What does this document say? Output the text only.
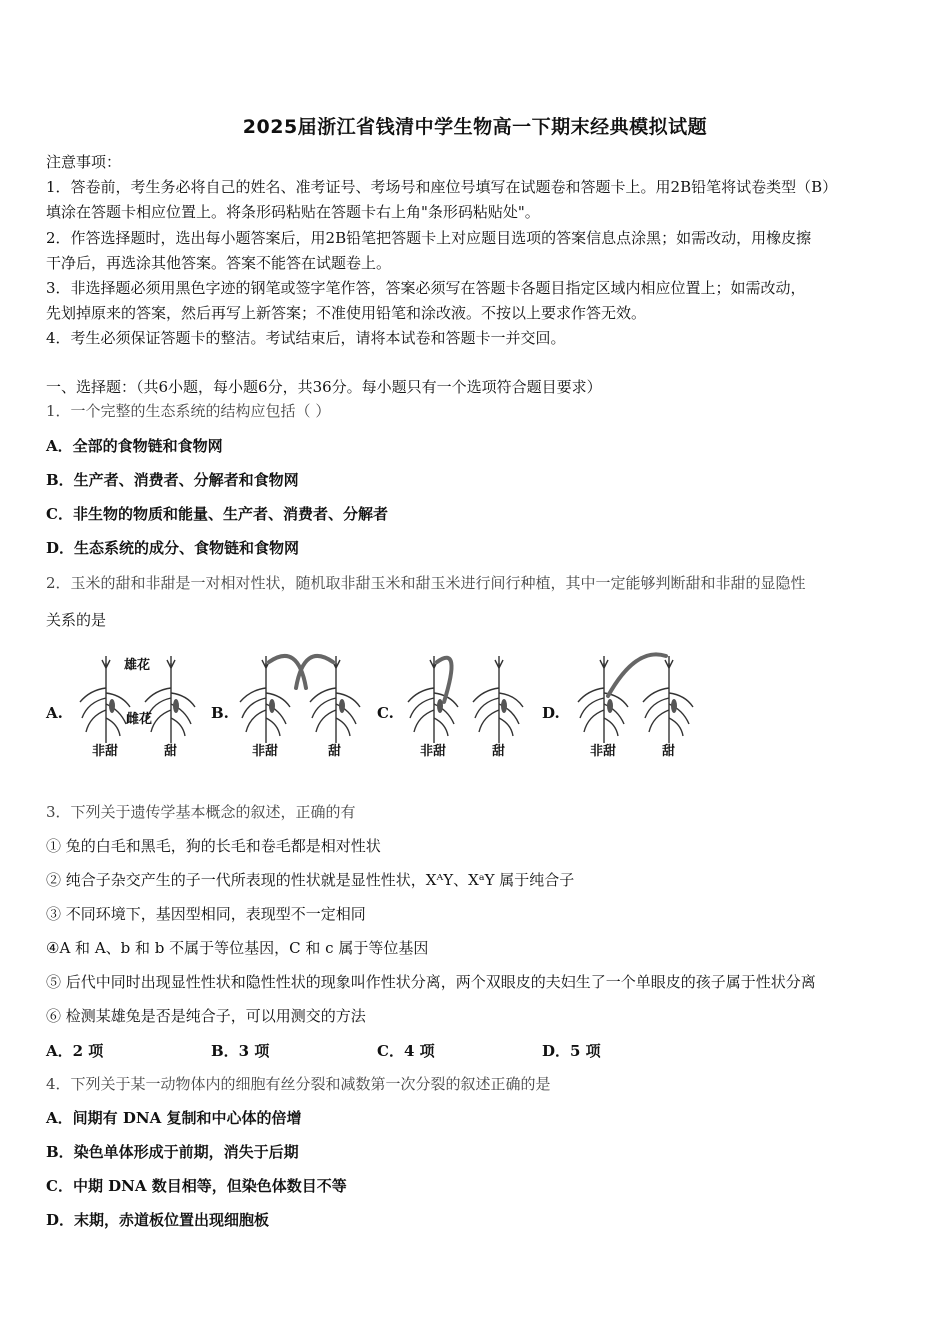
2025届浙江省钱清中学生物高一下期末经典模拟试题
注意事项：
1．答卷前，考生务必将自己的姓名、准考证号、考场号和座位号填写在试题卷和答题卡上。用2B铅笔将试卷类型（B）
填涂在答题卡相应位置上。将条形码粘贴在答题卡右上角"条形码粘贴处"。
2．作答选择题时，选出每小题答案后，用2B铅笔把答题卡上对应题目选项的答案信息点涂黑；如需改动，用橡皮擦
干净后，再选涂其他答案。答案不能答在试题卷上。
3．非选择题必须用黑色字迹的钢笔或签字笔作答，答案必须写在答题卡各题目指定区域内相应位置上；如需改动，
先划掉原来的答案，然后再写上新答案；不准使用铅笔和涂改液。不按以上要求作答无效。
4．考生必须保证答题卡的整洁。考试结束后，请将本试卷和答题卡一并交回。
一、选择题：（共6小题，每小题6分，共36分。每小题只有一个选项符合题目要求）
1．一个完整的生态系统的结构应包括（ ）
A．全部的食物链和食物网
B．生产者、消费者、分解者和食物网
C．非生物的物质和能量、生产者、消费者、分解者
D．生态系统的成分、食物链和食物网
2．玉米的甜和非甜是一对相对性状，随机取非甜玉米和甜玉米进行间行种植，其中一定能够判断甜和非甜的显隐性
关系的是
A.	B.	C.	D.
雄花
雌花
非甜	甜	非甜	甜	非甜	甜	非甜	甜
3．下列关于遗传学基本概念的叙述，正确的有
① 兔的白毛和黑毛，狗的长毛和卷毛都是相对性状
② 纯合子杂交产生的子一代所表现的性状就是显性性状，XᴬY、XᵃY 属于纯合子
③ 不同环境下，基因型相同，表现型不一定相同
④A 和 A、b 和 b 不属于等位基因，C 和 c 属于等位基因
⑤ 后代中同时出现显性性状和隐性性状的现象叫作性状分离，两个双眼皮的夫妇生了一个单眼皮的孩子属于性状分离
⑥ 检测某雄兔是否是纯合子，可以用测交的方法
A．2 项	B．3 项	C．4 项	D．5 项
4．下列关于某一动物体内的细胞有丝分裂和减数第一次分裂的叙述正确的是
A．间期有 DNA 复制和中心体的倍增
B．染色单体形成于前期，消失于后期
C．中期 DNA 数目相等，但染色体数目不等
D．末期，赤道板位置出现细胞板
